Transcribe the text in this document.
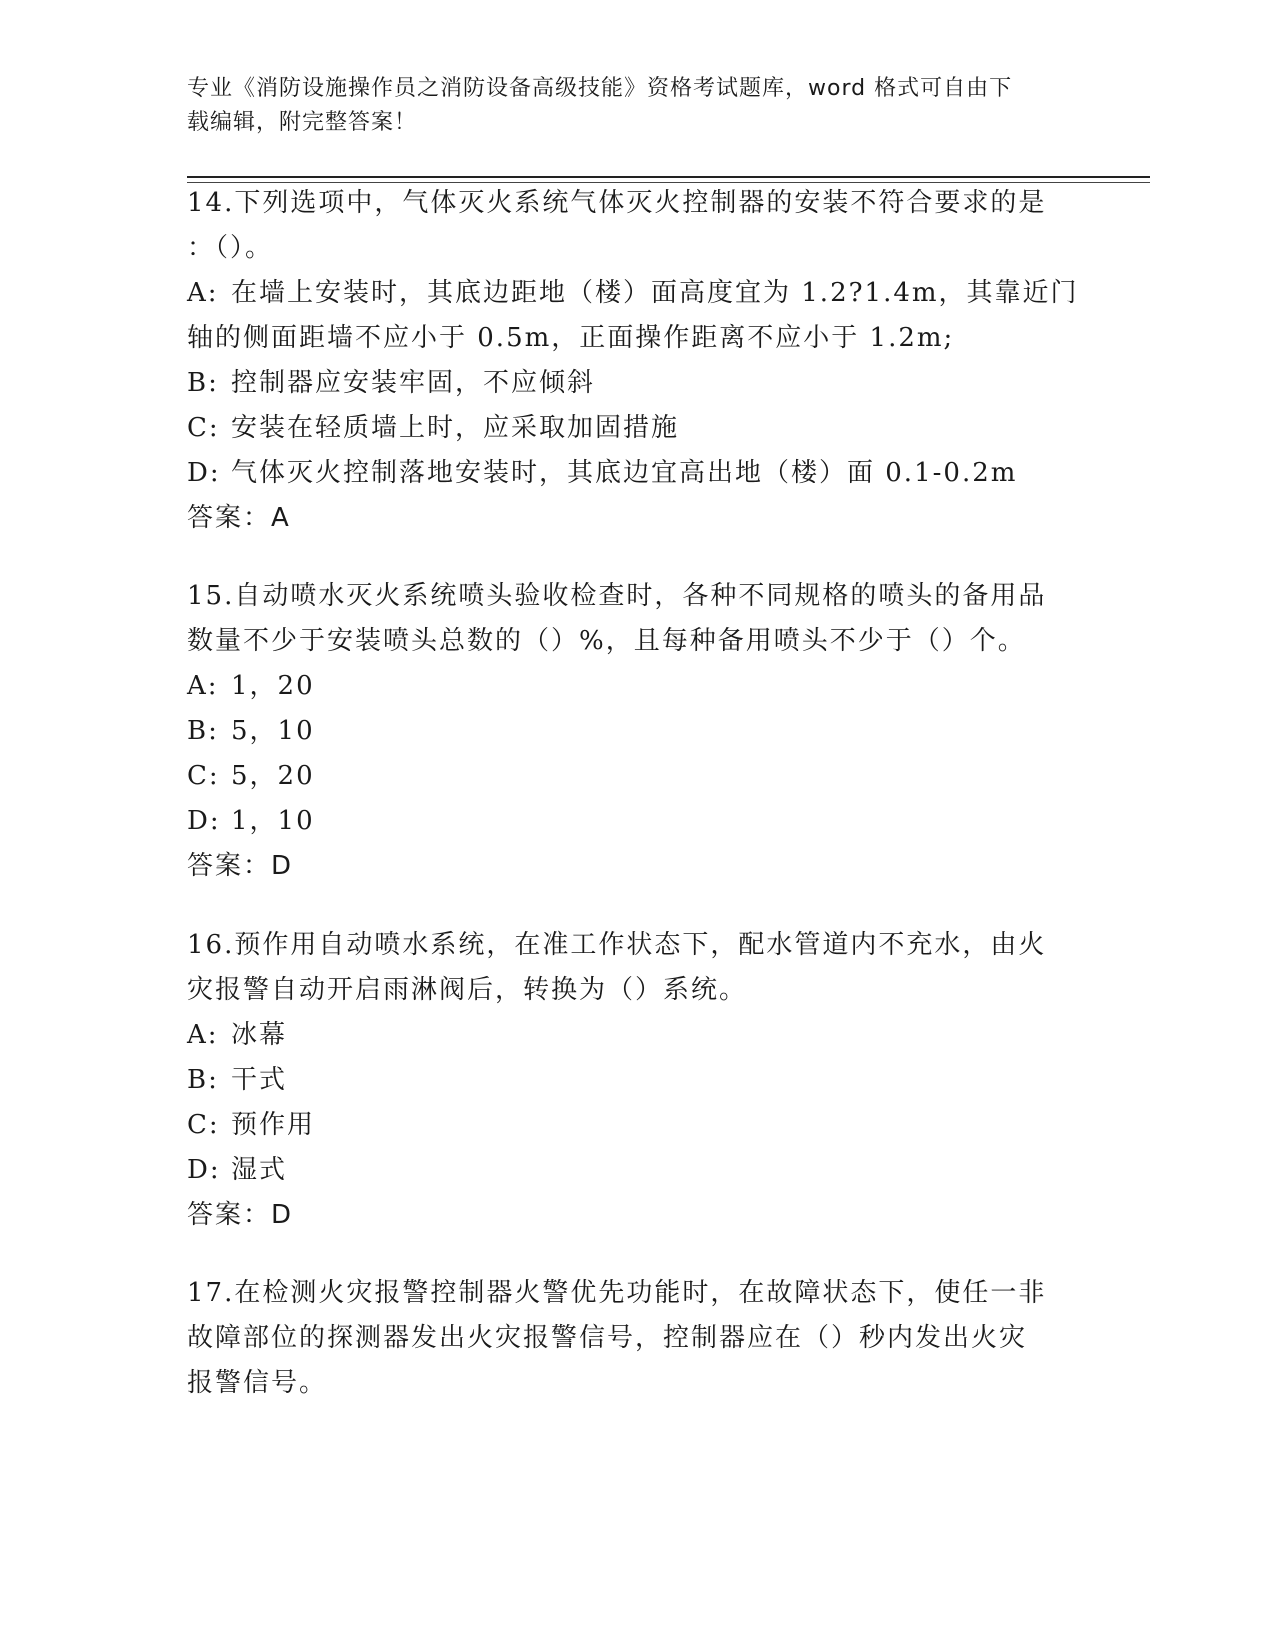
专业《消防设施操作员之消防设备高级技能》资格考试题库，word 格式可自由下
载编辑，附完整答案！

14.下列选项中，气体灭火系统气体灭火控制器的安装不符合要求的是

：（）。

A: 在墙上安装时，其底边距地（楼）面高度宜为 1.2?1.4m，其靠近门

轴的侧面距墙不应小于 0.5m，正面操作距离不应小于 1.2m;

B: 控制器应安装牢固，不应倾斜

C: 安装在轻质墙上时，应采取加固措施

D: 气体灭火控制落地安装时，其底边宜高出地（楼）面 0.1-0.2m

答案：A

15.自动喷水灭火系统喷头验收检查时，各种不同规格的喷头的备用品

数量不少于安装喷头总数的（）%，且每种备用喷头不少于（）个。

A: 1，20

B: 5，10

C: 5，20

D: 1，10

答案：D

16.预作用自动喷水系统，在准工作状态下，配水管道内不充水，由火

灾报警自动开启雨淋阀后，转换为（）系统。

A: 冰幕

B: 干式

C: 预作用

D: 湿式

答案：D

17.在检测火灾报警控制器火警优先功能时，在故障状态下，使任一非

故障部位的探测器发出火灾报警信号，控制器应在（）秒内发出火灾

报警信号。
